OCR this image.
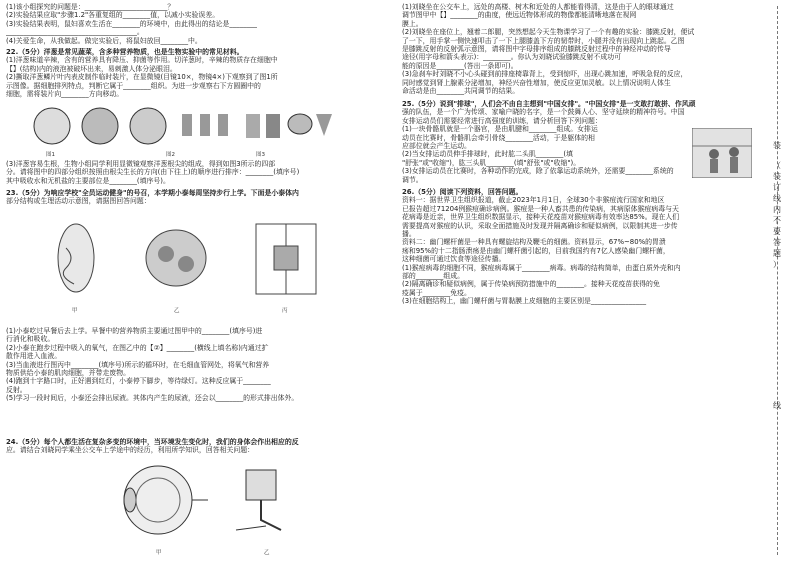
(1)该小组探究的问题是：________________________？

(2)实验结果应取"步骤1.2"各重复组的________值，以减小实验误差。

(3)实验结果表明，鼠妇喜欢生活在________的环境中，由此得出的结论是________

______________________________________。

(4)关爱生命，从我做起。做完实验后，将鼠妇放回________中。

22.（5分）洋葱是常见蔬菜，含多种营养物质，也是生物实验中的常见材料。

(1)洋葱味道辛辣，含有的营养具有降压、抑菌等作用。切洋葱时，辛辣的物质存在细胞中

【】(结构)内的液泡被破坏出来，易刺激人体分泌眼泪。

(2)撕取洋葱鳞片叶内表皮制作临时装片，在显微镜(目镜10×，物镜4×)下观察到了图1所

示图像。据细胞排列特点，判断它属于________组织。为进一步观察右下方圆圈中的

细胞，需将装片向________方向移动。

图1	图2	图3

(3)洋葱容易生根，生物小组同学利用显微镜观察洋葱根尖的组成，得到如图3所示的四部

分。请将图中的四部分组织按照由根尖生长的方向(由下往上)的顺序进行排序：________(填序号)

其中吸收水和无机盐的主要部位是________(填序号)。

23.（5分）为响应学校"全员运动健身"的号召，本学期小泰每周坚持步行上学。下面是小泰体内

部分结构或生理活动示意图，请据图回答问题：

甲	乙	丙

(1)小泰吃过早餐后去上学。早餐中的营养物质主要通过图甲中的________(填序号)进

行消化和吸收。

(2)小泰在跑步过程中吸入的氧气，在图乙中的【②】________(横线上填名称)内通过扩

散作用进入血液。

(3)当血液进行图丙中________(填序号)所示的循环时，在毛细血管网处，将氧气和营养

物质供给小泰的肌肉细胞，并带走废物。

(4)跑到十字路口时，正好遇到红灯，小泰停下脚步，等待绿灯。这种反应属于________

反射。

(5)学习一段时间后，小泰还会排出尿液。其体内产生的尿液，还会以________的形式排出体外。

24.（5分）每个人都生活在复杂多变的环境中，当环境发生变化时，我们的身体会作出相应的反

应。请结合刘晓同学乘坐公交车上学途中的经历，利用所学知识，回答相关问题：

甲	乙

(1)刘晓坐在公交车上，远处的高楼、树木和近处的人都能看得清，这是由于人的眼球通过

调节图甲中【】________的曲度，使远近物体形成的物像都能清晰地落在视网

膜上。

(2)刘晓坐在座位上，翘着二郎腿，突然想起今天生物课学习了一个有趣的实验：膝跳反射，便试

了一下，用手掌一侧快速叩击了一下上腿膝盖下方的韧带时，小腿并没有出现向上跳起。乙图

是膝跳反射的反射弧示意图，请将图中字母排序组成的膝跳反射过程中的神经冲动的传导

途径(用字母和箭头表示)：________。你认为刘晓试验膝跳反射不成功可

能的原因是________(答出一条即可)。

(3)急刹车时刘晓不小心头碰到前排座椅靠背上，受到惊吓，出现心跳加速，呼吸急促的反应，

同时感觉到肾上腺素分泌增加，神经兴奋性增加，使反应更加灵敏。以上情况说明人体生

命活动是由________共同调节的结果。

25.（5分）说到"排球"，人们会不由自主想到"中国女排"。"中国女排"是一支敢打敢拼、作风顽

强的队伍，是一个广为传颂、家喻户晓的名字，是一个鼓舞人心、坚守延续的精神符号。中国

女排运动员们需要经常进行高强度的训练，请分析回答下列问题：

(1)一块骨骼肌就是一个器官，是由肌腱和________组成。女排运

动员在比赛时，骨骼肌会牵引骨绕________活动，于是躯体的相

应部位就会产生运动。

(2)当女排运动员伸手排球时，此时肱二头肌________(填

"舒张"或"收缩")，肱三头肌________(填"舒张"或"收缩")。

(3)女排运动员在比赛时，各种动作的完成，除了依靠运动系统外，还需要________系统的

调节。

26.（5分）阅读下列资料，回答问题。

资料一：据世界卫生组织报道，截止2023年1月1日，全球30个非猴痘流行国家和地区

已报告超过71204例猴痘确诊病例。猴痘是一种人畜共患的传染病，其病原体猴痘病毒与天

花病毒是近亲，世界卫生组织数据显示，接种天花疫苗对猴痘病毒有效率达85%。现在人们

需要提高对猴痘的认识，采取全面措施及时发现并隔离确诊和疑似病例，以限制其进一步传

播。

资料二：幽门螺杆菌是一种具有螺旋结构及鞭毛的细菌。资料显示，67%~80%的胃溃

疡和95%的十二指肠溃疡是由幽门螺杆菌引起的，目前我国约有7亿人感染幽门螺杆菌，

这种细菌可通过饮食等途径传播。

(1)猴痘病毒的细胞不同，猴痘病毒属于________病毒。病毒的结构简单，由蛋白质外壳和内

部的________组成。

(2)隔离确诊和疑似病例，属于传染病预防措施中的________。接种天花疫苗获得的免

疫属于________免疫。

(3)在细胞结构上，幽门螺杆菌与胃黏膜上皮细胞的主要区别是________________

装
（
装
订
线
内
不
要
答
题
）
线
